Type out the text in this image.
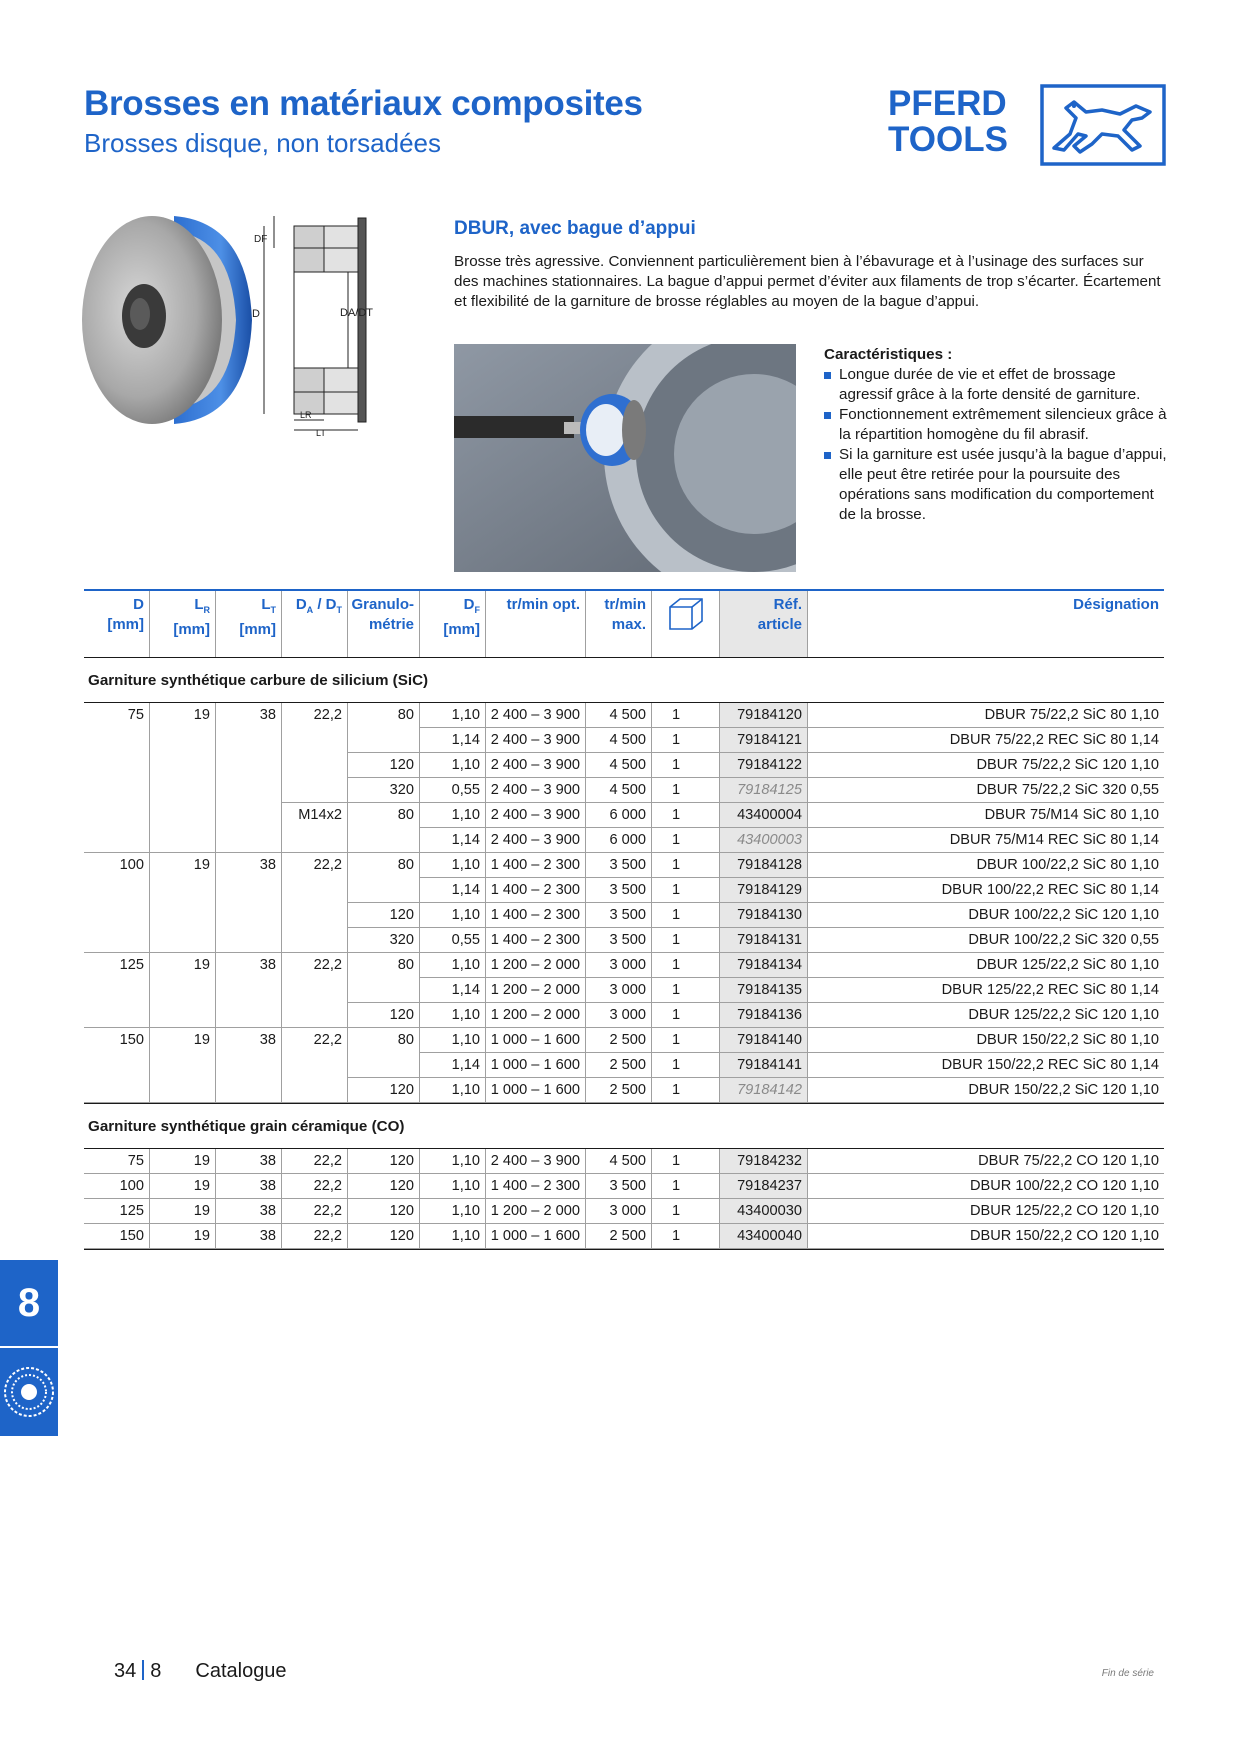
Brosses en matériaux composites
Brosses disque, non torsadées
PFERD
TOOLS
D
DF
DA/DT
LR
LT
DBUR, avec bague d’appui
Brosse très agressive. Conviennent particulièrement bien à l’ébavurage et à l’usinage des surfaces sur des machines stationnaires. La bague d’appui permet d’éviter aux filaments de trop s’écarter. Écartement et flexibilité de la garniture de brosse réglables au moyen de la bague d’appui.
Caractéristiques :
Longue durée de vie et effet de brossage agressif grâce à la forte densité de garniture.
Fonctionnement extrêmement silencieux grâce à la répartition homogène du fil abrasif.
Si la garniture est usée jusqu’à la bague d’appui, elle peut être retirée pour la poursuite des opérations sans modification du comportement de la brosse.
D
[mm]
$L_R$
[mm]
$L_T$
[mm]
$D_A / D_T$ Granulo-
métrie
$D_F$
[mm]
tr/min opt.	tr/min
max.
Réf.
article
Désignation
Garniture synthétique carbure de silicium (SiC)
75	19	38	22,2	80	1,10 2 400 – 3 900	4 500	1	79184120	DBUR 75/22,2 SiC 80 1,10
1,14 2 400 – 3 900	4 500	1	79184121	DBUR 75/22,2 REC SiC 80 1,14
120	1,10 2 400 – 3 900	4 500	1	79184122	DBUR 75/22,2 SiC 120 1,10
320	0,55 2 400 – 3 900	4 500	1	79184125	DBUR 75/22,2 SiC 320 0,55
M14x2	80	1,10 2 400 – 3 900	6 000	1	43400004	DBUR 75/M14 SiC 80 1,10
1,14 2 400 – 3 900	6 000	1	43400003	DBUR 75/M14 REC SiC 80 1,14
100	19	38	22,2	80	1,10 1 400 – 2 300	3 500	1	79184128	DBUR 100/22,2 SiC 80 1,10
1,14 1 400 – 2 300	3 500	1	79184129	DBUR 100/22,2 REC SiC 80 1,14
120	1,10 1 400 – 2 300	3 500	1	79184130	DBUR 100/22,2 SiC 120 1,10
320	0,55 1 400 – 2 300	3 500	1	79184131	DBUR 100/22,2 SiC 320 0,55
125	19	38	22,2	80	1,10 1 200 – 2 000	3 000	1	79184134	DBUR 125/22,2 SiC 80 1,10
1,14 1 200 – 2 000	3 000	1	79184135	DBUR 125/22,2 REC SiC 80 1,14
120	1,10 1 200 – 2 000	3 000	1	79184136	DBUR 125/22,2 SiC 120 1,10
150	19	38	22,2	80	1,10 1 000 – 1 600	2 500	1	79184140	DBUR 150/22,2 SiC 80 1,10
1,14 1 000 – 1 600	2 500	1	79184141	DBUR 150/22,2 REC SiC 80 1,14
120	1,10 1 000 – 1 600	2 500	1	79184142	DBUR 150/22,2 SiC 120 1,10
Garniture synthétique grain céramique (CO)
75	19	38	22,2	120	1,10 2 400 – 3 900	4 500	1	79184232	DBUR 75/22,2 CO 120 1,10
100	19	38	22,2	120	1,10 1 400 – 2 300	3 500	1	79184237	DBUR 100/22,2 CO 120 1,10
125	19	38	22,2	120	1,10 1 200 – 2 000	3 000	1	43400030	DBUR 125/22,2 CO 120 1,10
150	19	38	22,2	120	1,10 1 000 – 1 600	2 500	1	43400040	DBUR 150/22,2 CO 120 1,10
8
34 8 Catalogue	Fin de série
